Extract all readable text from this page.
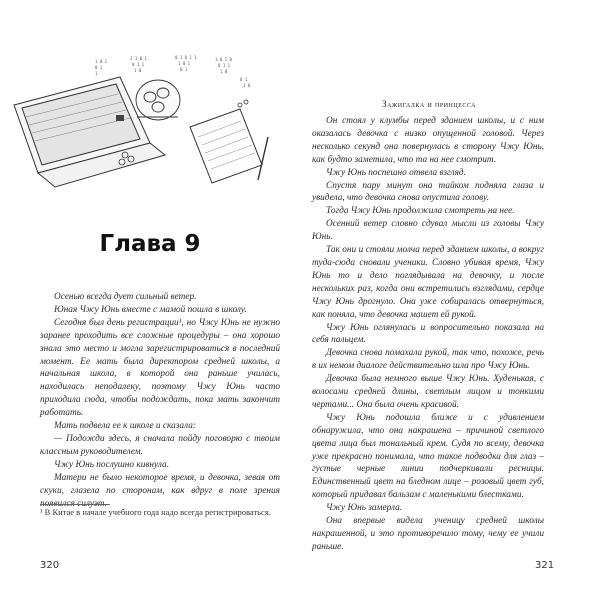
1 0 1
0 1
1
1 1 0 1
0 1 1
1 0
0 1 0 1 1
1 0 1
0 1
1 0 1 0
0 1 1
1 0
0 1
1 0
Глава 9

Осенью всегда дует сильный ветер.

Юная Чжу Юнь вместе с мамой пошла в школу.

Сегодня был день регистрации¹, но Чжу Юнь не нужно заранее проходить все сложные процедуры – она хорошо знала это место и могла зарегистрироваться в последний момент. Ее мать была директором средней школы, а начальная школа, в которой она раньше училась, находилась неподалеку, поэтому Чжу Юнь часто приходила сюда, чтобы подождать, пока мать закончит работать.

Мать подвела ее к школе и сказала:

— Подожди здесь, я сначала пойду поговорю с твоим классным руководителем.

Чжу Юнь послушно кивнула.

Матери не было некоторое время, и девочка, зевая от скуки, глазела по сторонам, как вдруг в поле зрения появился силуэт.

¹ В Китае в начале учебного года надо всегда регистрироваться.
320
Зажигалка и принцесса

Он стоял у клумбы перед зданием школы, и с ним оказалась девочка с низко опущенной головой. Через несколько секунд она повернулась в сторону Чжу Юнь, как будто заметила, что та на нее смотрит.

Чжу Юнь поспешно отвела взгляд.

Спустя пару минут она тайком подняла глаза и увидела, что девочка снова опустила голову.

Тогда Чжу Юнь продолжила смотреть на нее.

Осенний ветер словно сдувал мысли из головы Чжу Юнь.

Так они и стояли молча перед зданием школы, а вокруг туда-сюда сновали ученики. Словно убивая время, Чжу Юнь то и дело поглядывала на девочку, и после нескольких раз, когда они встретились взглядами, сердце Чжу Юнь дрогнуло. Она уже собиралась отвернуться, как поняла, что девочка машет ей рукой.

Чжу Юнь оглянулась и вопросительно показала на себя пальцем.

Девочка снова помахала рукой, так что, похоже, речь в их немом диалоге действительно шла про Чжу Юнь.

Девочка была немного выше Чжу Юнь. Худенькая, с волосами средней длины, светлым лицом и тонкими чертами... Она была очень красивой.

Чжу Юнь подошла ближе и с удивлением обнаружила, что она накрашена – причиной светлого цвета лица был тональный крем. Судя по всему, девочка уже прекрасно понимала, что такое подводка для глаз – густые черные линии подчеркивали ресницы. Единственный цвет на бледном лице – розовый цвет губ, который придавал бальзам с маленькими блестками.

Чжу Юнь замерла.

Она впервые видела ученицу средней школы накрашенной, и это противоречило тому, чему ее учили раньше.

321
